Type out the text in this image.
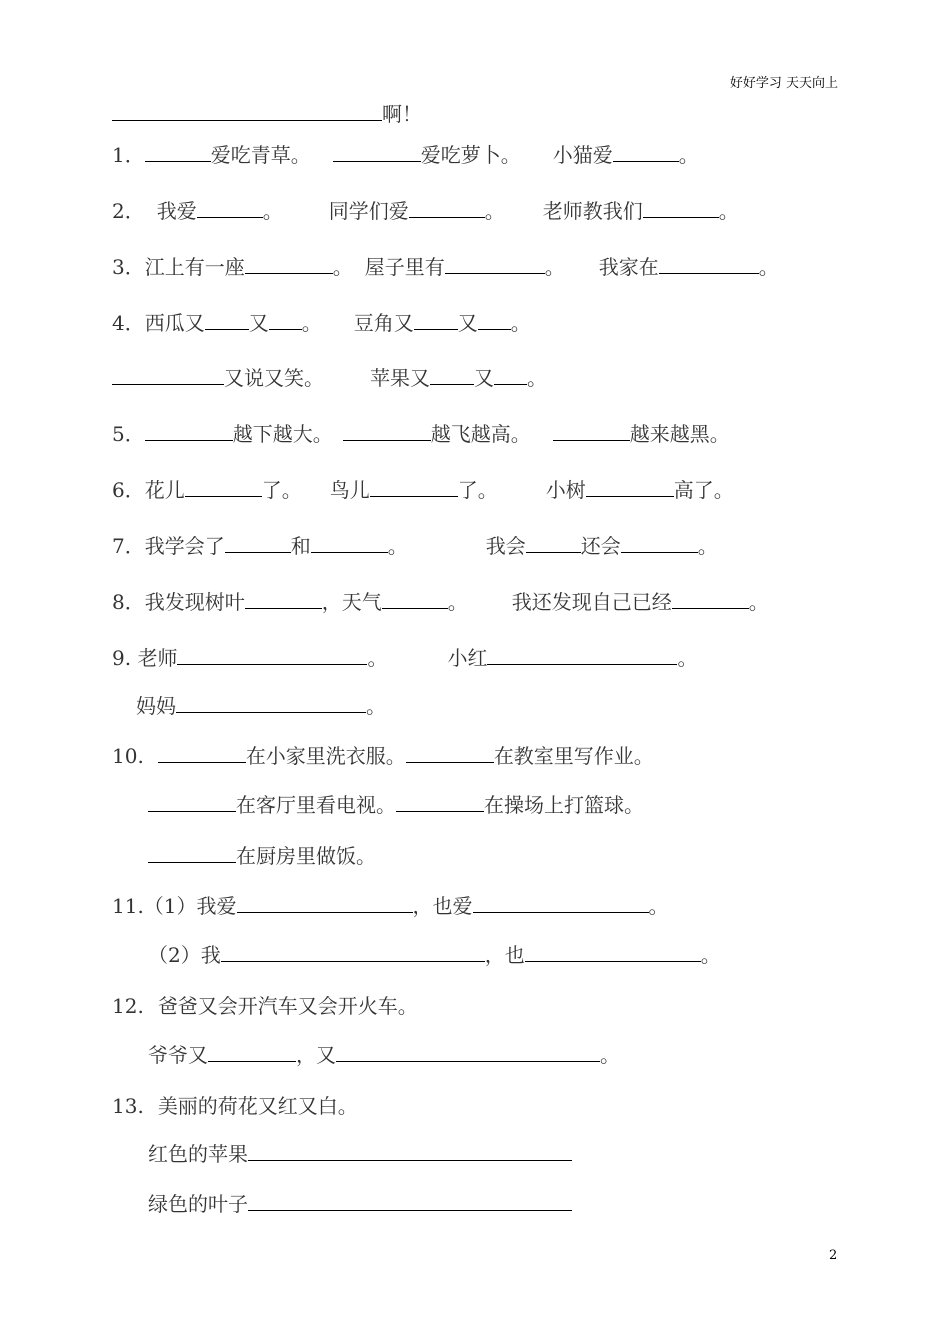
好好学习 天天向上
啊！
1．	爱吃青草。	爱吃萝卜。 小猫爱	。
2． 我爱	。 同学们爱	。 老师教我们	。
3．江上有一座	。 屋子里有	。 我家在	。
4．西瓜又 又 。 豆角又 又 。
又说又笑。 苹果又 又 。
5．	越下越大。	越飞越高。	越来越黑。
6．花儿	了。 鸟儿	了。 小树	高了。
7．我学会了	和	。	我会	还会	。
8．我发现树叶	，天气	。 我还发现自己已经	。
9. 老师	。	小红	。
妈妈	。
10.	在小家里洗衣服。	在教室里写作业。
在客厅里看电视。	在操场上打篮球。
在厨房里做饭。
11.（1）我爱	，也爱	。
（2）我	，也	。
12. 爸爸又会开汽车又会开火车。
爷爷又	，又	。
13. 美丽的荷花又红又白。
红色的苹果
绿色的叶子
2
